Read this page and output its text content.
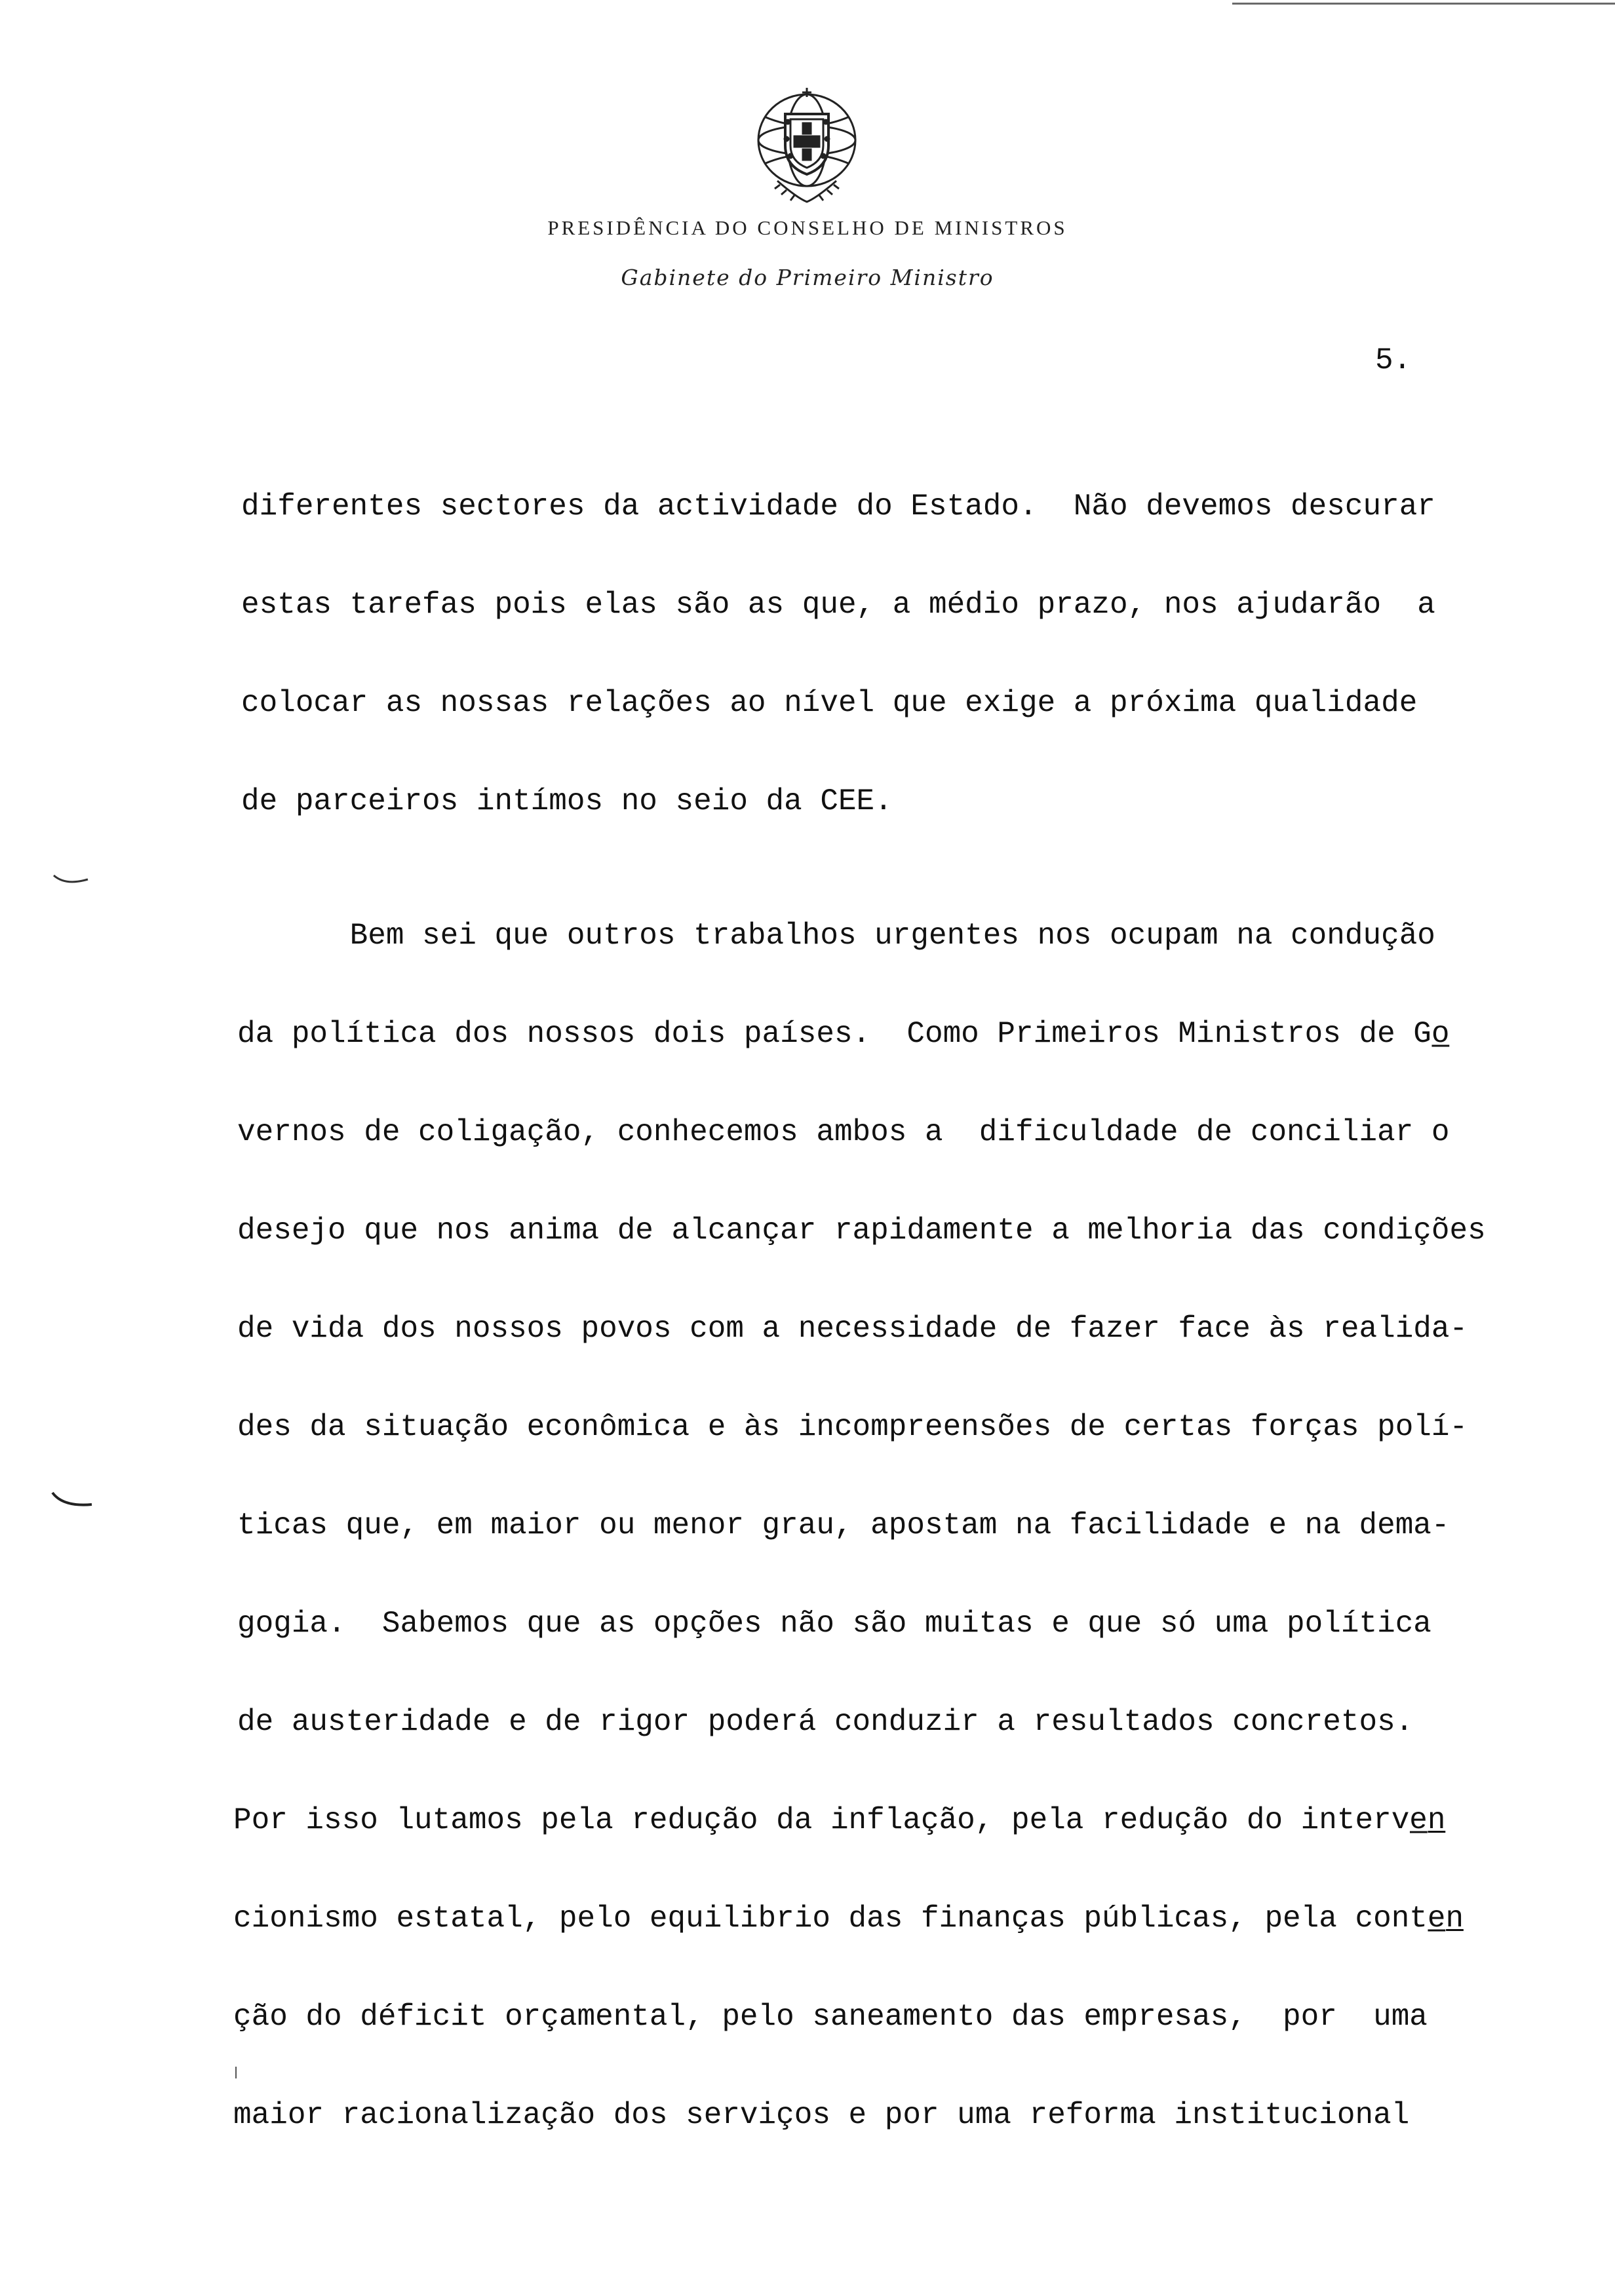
PRESIDÊNCIA DO CONSELHO DE MINISTROS
Gabinete do Primeiro Ministro
5.
diferentes sectores da actividade do Estado.  Não devemos descurar
estas tarefas pois elas são as que, a médio prazo, nos ajudarão  a
colocar as nossas relações ao nível que exige a próxima qualidade
de parceiros intímos no seio da CEE.
Bem sei que outros trabalhos urgentes nos ocupam na condução
da política dos nossos dois países.  Como Primeiros Ministros de Go̲
vernos de coligação, conhecemos ambos a  dificuldade de conciliar o
desejo que nos anima de alcançar rapidamente a melhoria das condições
de vida dos nossos povos com a necessidade de fazer face às realida-
des da situação econômica e às incompreensões de certas forças polí-
ticas que, em maior ou menor grau, apostam na facilidade e na dema-
gogia.  Sabemos que as opções não são muitas e que só uma política
de austeridade e de rigor poderá conduzir a resultados concretos.
Por isso lutamos pela redução da inflação, pela redução do interve̲n̲
cionismo estatal, pelo equilibrio das finanças públicas, pela conte̲n̲
ção do déficit orçamental, pelo saneamento das empresas,  por  uma
maior racionalização dos serviços e por uma reforma institucional
